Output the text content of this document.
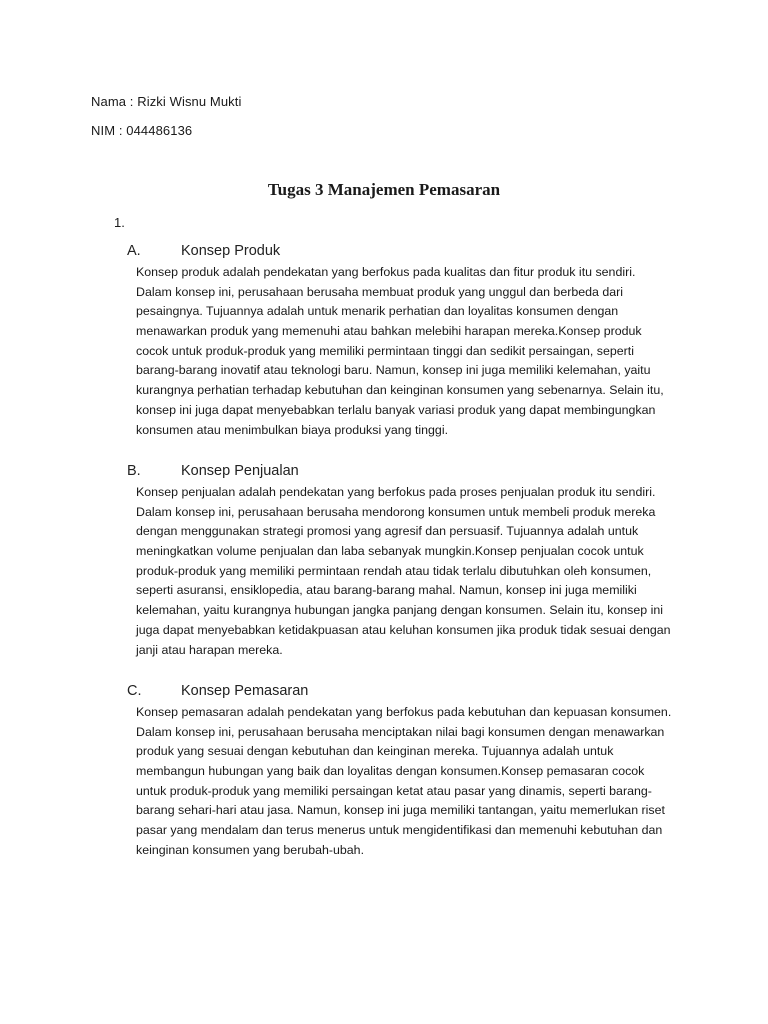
Nama : Rizki Wisnu Mukti
NIM : 044486136
Tugas 3 Manajemen Pemasaran
1.
A.	Konsep Produk
Konsep produk adalah pendekatan yang berfokus pada kualitas dan fitur produk itu sendiri.
Dalam konsep ini, perusahaan berusaha membuat produk yang unggul dan berbeda dari
pesaingnya. Tujuannya adalah untuk menarik perhatian dan loyalitas konsumen dengan
menawarkan produk yang memenuhi atau bahkan melebihi harapan mereka.Konsep produk
cocok untuk produk-produk yang memiliki permintaan tinggi dan sedikit persaingan, seperti
barang-barang inovatif atau teknologi baru. Namun, konsep ini juga memiliki kelemahan, yaitu
kurangnya perhatian terhadap kebutuhan dan keinginan konsumen yang sebenarnya. Selain itu,
konsep ini juga dapat menyebabkan terlalu banyak variasi produk yang dapat membingungkan
konsumen atau menimbulkan biaya produksi yang tinggi.
B.	Konsep Penjualan
Konsep penjualan adalah pendekatan yang berfokus pada proses penjualan produk itu sendiri.
Dalam konsep ini, perusahaan berusaha mendorong konsumen untuk membeli produk mereka
dengan menggunakan strategi promosi yang agresif dan persuasif. Tujuannya adalah untuk
meningkatkan volume penjualan dan laba sebanyak mungkin.Konsep penjualan cocok untuk
produk-produk yang memiliki permintaan rendah atau tidak terlalu dibutuhkan oleh konsumen,
seperti asuransi, ensiklopedia, atau barang-barang mahal. Namun, konsep ini juga memiliki
kelemahan, yaitu kurangnya hubungan jangka panjang dengan konsumen. Selain itu, konsep ini
juga dapat menyebabkan ketidakpuasan atau keluhan konsumen jika produk tidak sesuai dengan
janji atau harapan mereka.
C.	Konsep Pemasaran
Konsep pemasaran adalah pendekatan yang berfokus pada kebutuhan dan kepuasan konsumen.
Dalam konsep ini, perusahaan berusaha menciptakan nilai bagi konsumen dengan menawarkan
produk yang sesuai dengan kebutuhan dan keinginan mereka. Tujuannya adalah untuk
membangun hubungan yang baik dan loyalitas dengan konsumen.Konsep pemasaran cocok
untuk produk-produk yang memiliki persaingan ketat atau pasar yang dinamis, seperti barang-
barang sehari-hari atau jasa. Namun, konsep ini juga memiliki tantangan, yaitu memerlukan riset
pasar yang mendalam dan terus menerus untuk mengidentifikasi dan memenuhi kebutuhan dan
keinginan konsumen yang berubah-ubah.
